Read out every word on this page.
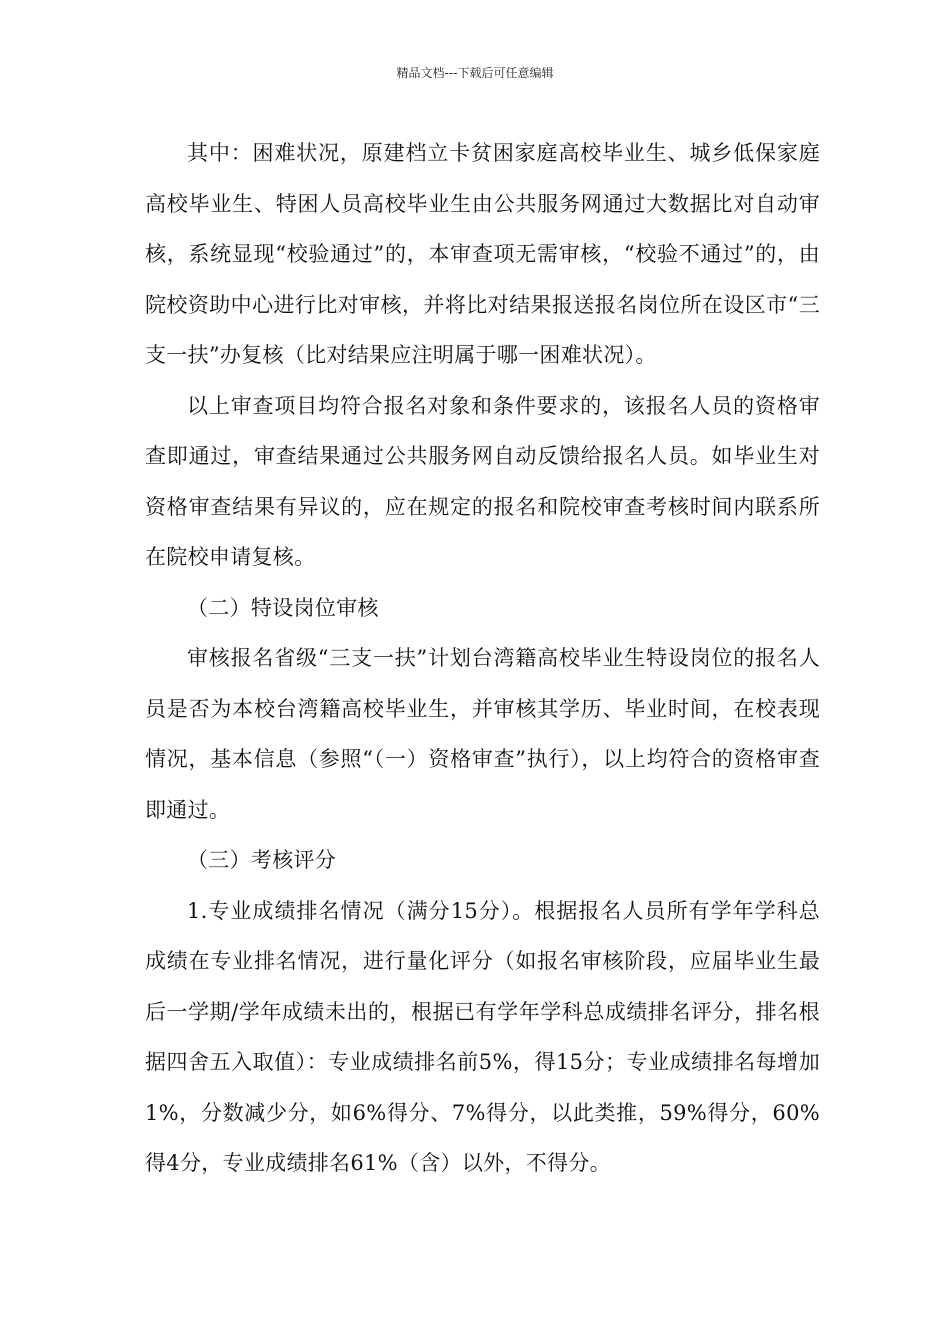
精品文档---下载后可任意编辑

其中：困难状况，原建档立卡贫困家庭高校毕业生、城乡低保家庭高校毕业生、特困人员高校毕业生由公共服务网通过大数据比对自动审核，系统显现“校验通过”的，本审查项无需审核，“校验不通过”的，由院校资助中心进行比对审核，并将比对结果报送报名岗位所在设区市“三支一扶”办复核（比对结果应注明属于哪一困难状况）。

以上审查项目均符合报名对象和条件要求的，该报名人员的资格审查即通过，审查结果通过公共服务网自动反馈给报名人员。如毕业生对资格审查结果有异议的，应在规定的报名和院校审查考核时间内联系所在院校申请复核。

（二）特设岗位审核

审核报名省级“三支一扶”计划台湾籍高校毕业生特设岗位的报名人员是否为本校台湾籍高校毕业生，并审核其学历、毕业时间，在校表现情况，基本信息（参照“（一）资格审查”执行），以上均符合的资格审查即通过。

（三）考核评分

1.专业成绩排名情况（满分15分）。根据报名人员所有学年学科总成绩在专业排名情况，进行量化评分（如报名审核阶段，应届毕业生最后一学期/学年成绩未出的，根据已有学年学科总成绩排名评分，排名根据四舍五入取值）：专业成绩排名前5%，得15分；专业成绩排名每增加1%，分数减少分，如6%得分、7%得分，以此类推，59%得分，60%得4分，专业成绩排名61%（含）以外，不得分。
